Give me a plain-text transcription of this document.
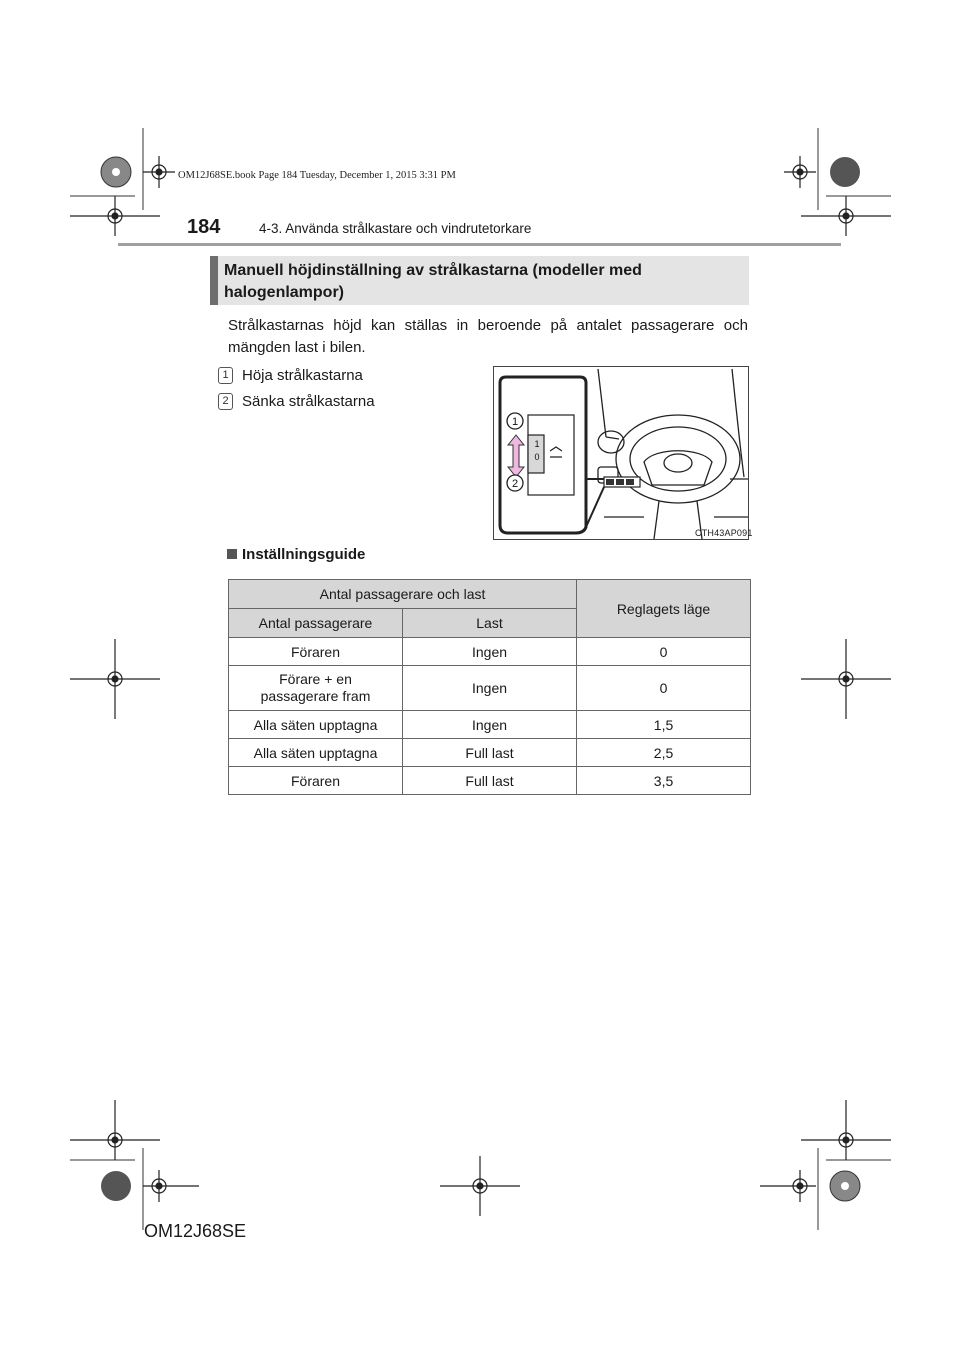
OM12J68SE.book Page 184 Tuesday, December 1, 2015 3:31 PM
184	4-3. Använda strålkastare och vindrutetorkare
Manuell höjdinställning av strålkastarna (modeller med halogenlampor)
Strålkastarnas höjd kan ställas in beroende på antalet passagerare och mängden last i bilen.
1 Höja strålkastarna
2 Sänka strålkastarna
1
0
1
2
CTH43AP091
Inställningsguide
Antal passagerare och last		Reglagets läge
Antal passagerare	Last	
Föraren	Ingen	0

Förare + en passagerare fram	Ingen	0
Alla säten upptagna	Ingen	1,5
Alla säten upptagna	Full last	2,5
Föraren	Full last	3,5
OM12J68SE
